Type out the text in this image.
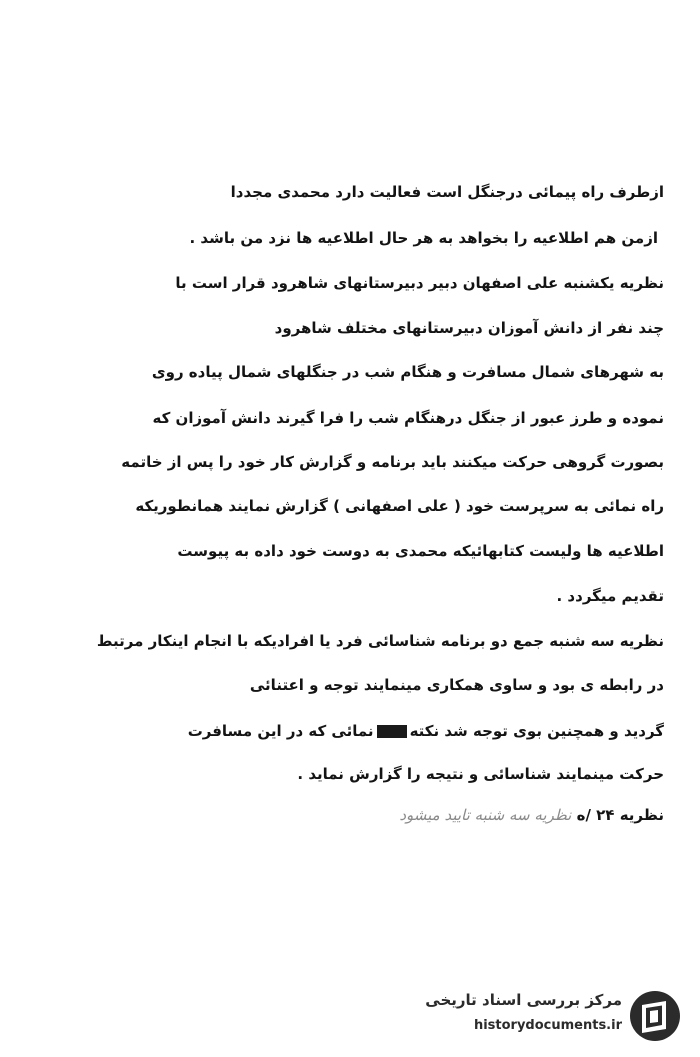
ازطرف راه پیمائی درجنگل است فعالیت دارد محمدی مجددا
ازمن هم اطلاعیه را بخواهد به هر حال اطلاعیه ها نزد من باشد .
نظریه یکشنبه علی اصفهان دبیر دبیرستانهای شاهرود قرار است با
چند نفر از دانش آموزان دبیرستانهای مختلف شاهرود
به شهرهای شمال مسافرت و هنگام شب در جنگلهای شمال پیاده روی
نموده و طرز عبور از جنگل درهنگام شب را فرا گیرند دانش آموزان که
بصورت گروهی حرکت میکنند باید برنامه و گزارش کار خود را پس از خاتمه
راه نمائی به سرپرست خود ( علی اصفهانی ) گزارش نمایند همانطوریکه
اطلاعیه ها ولیست کتابهائیکه محمدی به دوست خود داده به پیوست
تقدیم میگردد .
نظریه سه شنبه جمع دو برنامه شناسائی فرد یا افرادیکه با انجام اینکار مرتبط
در رابطه ی بود و ساوی همکاری مینمایند توجه و اعتنائی
گردید و همچنین بوی توجه شد نکتهنمائی که در این مسافرت
حرکت مینمایند شناسائی و نتیجه را گزارش نماید .
نظریه ۲۴ /ه نظریه سه شنبه تایید میشود
مرکز بررسی اسناد تاریخی
historydocuments.ir
